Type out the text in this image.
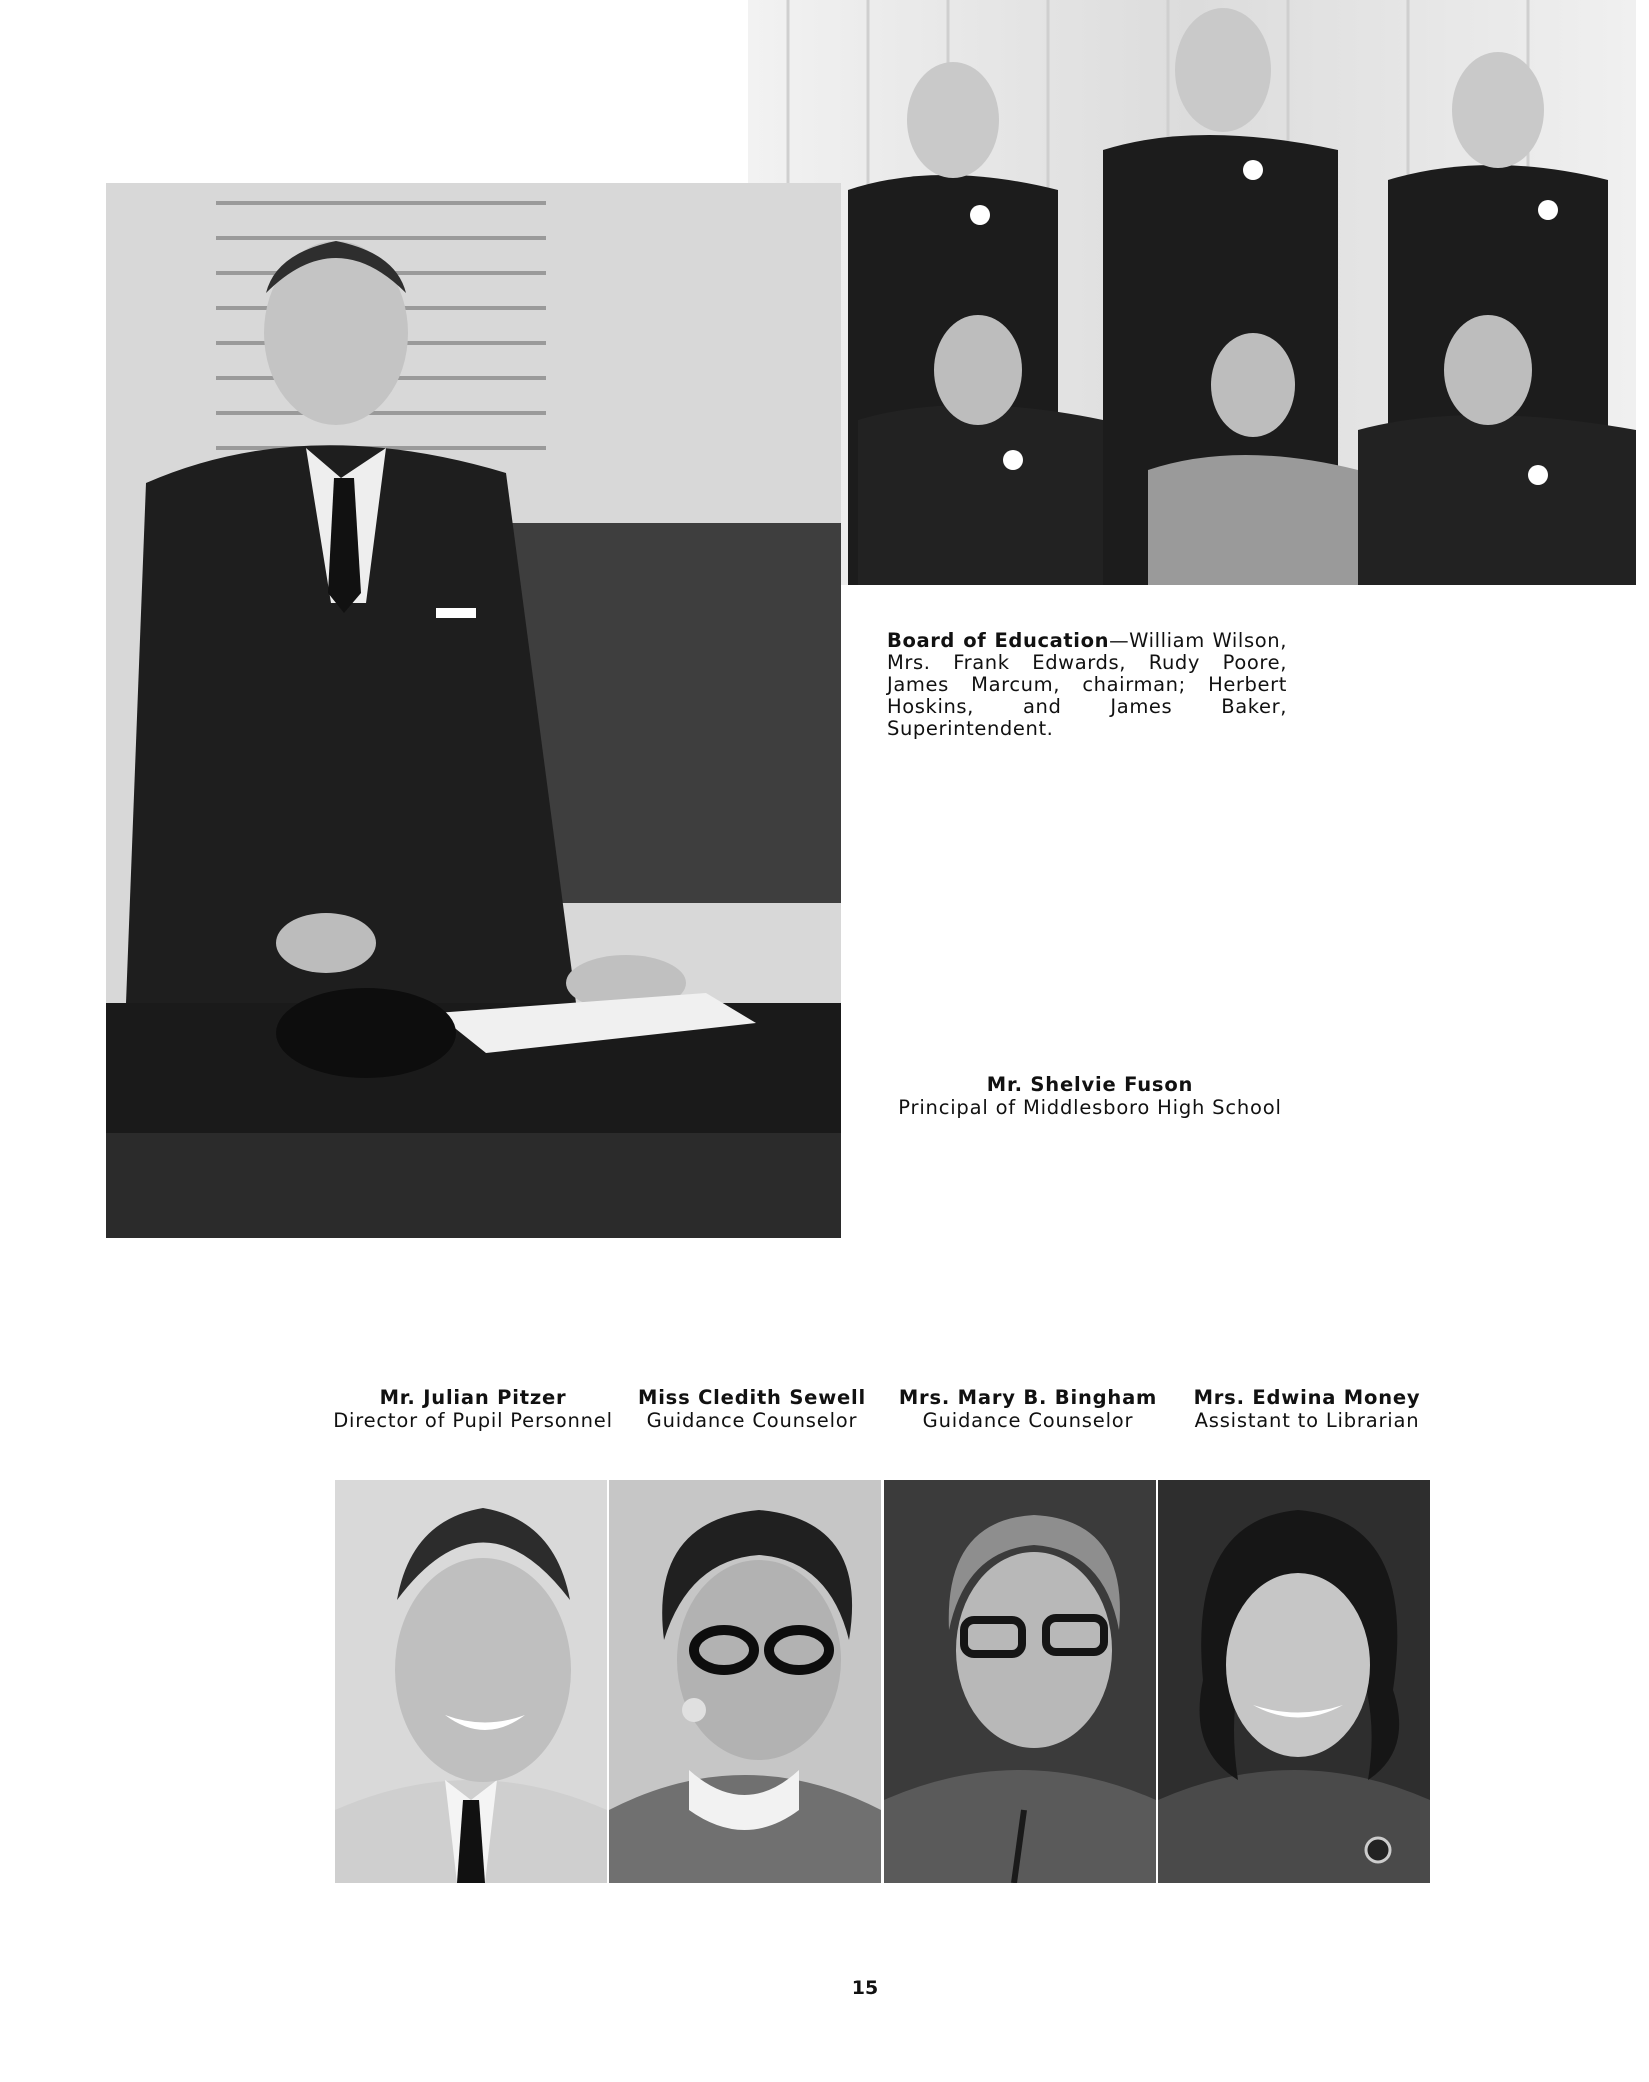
Board of Education—William Wilson, Mrs. Frank Edwards, Rudy Poore, James Marcum, chairman; Herbert Hoskins, and James Baker, Superintendent.
Mr. Shelvie Fuson
Principal of Middlesboro High School
Mr. Julian Pitzer
Director of Pupil Personnel
Miss Cledith Sewell
Guidance Counselor
Mrs. Mary B. Bingham
Guidance Counselor
Mrs. Edwina Money
Assistant to Librarian
15
